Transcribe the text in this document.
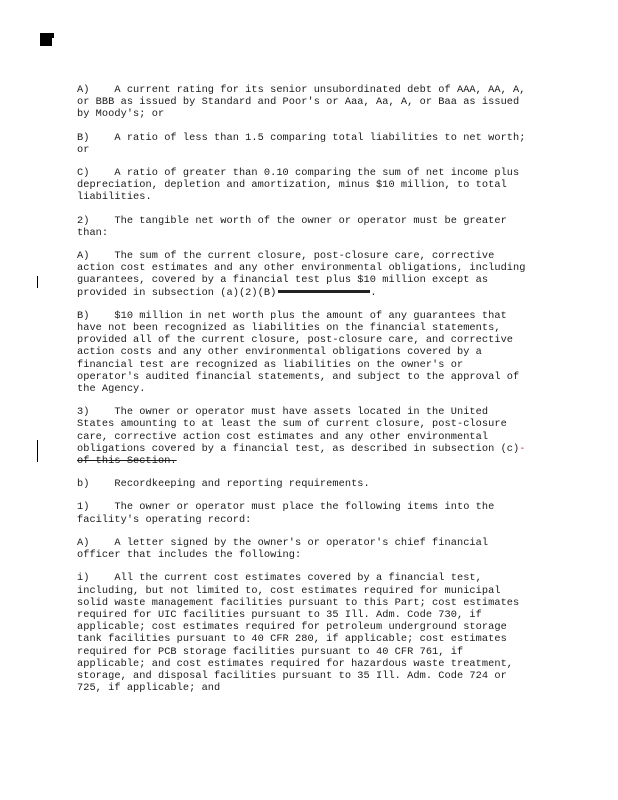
A)    A current rating for its senior unsubordinated debt of AAA, AA, A,
or BBB as issued by Standard and Poor's or Aaa, Aa, A, or Baa as issued
by Moody's; or
B)    A ratio of less than 1.5 comparing total liabilities to net worth;
or
C)    A ratio of greater than 0.10 comparing the sum of net income plus
depreciation, depletion and amortization, minus $10 million, to total
liabilities.
2)    The tangible net worth of the owner or operator must be greater
than:
A)    The sum of the current closure, post-closure care, corrective
action cost estimates and any other environmental obligations, including
guarantees, covered by a financial test plus $10 million except as
provided in subsection (a)(2)(B)	.
B)    $10 million in net worth plus the amount of any guarantees that
have not been recognized as liabilities on the financial statements,
provided all of the current closure, post-closure care, and corrective
action costs and any other environmental obligations covered by a
financial test are recognized as liabilities on the owner's or
operator's audited financial statements, and subject to the approval of
the Agency.
3)    The owner or operator must have assets located in the United
States amounting to at least the sum of current closure, post-closure
care, corrective action cost estimates and any other environmental
obligations covered by a financial test, as described in subsection (c)-
of this Section.
b)    Recordkeeping and reporting requirements.
1)    The owner or operator must place the following items into the
facility's operating record:
A)    A letter signed by the owner's or operator's chief financial
officer that includes the following:
i)    All the current cost estimates covered by a financial test,
including, but not limited to, cost estimates required for municipal
solid waste management facilities pursuant to this Part; cost estimates
required for UIC facilities pursuant to 35 Ill. Adm. Code 730, if
applicable; cost estimates required for petroleum underground storage
tank facilities pursuant to 40 CFR 280, if applicable; cost estimates
required for PCB storage facilities pursuant to 40 CFR 761, if
applicable; and cost estimates required for hazardous waste treatment,
storage, and disposal facilities pursuant to 35 Ill. Adm. Code 724 or
725, if applicable; and
